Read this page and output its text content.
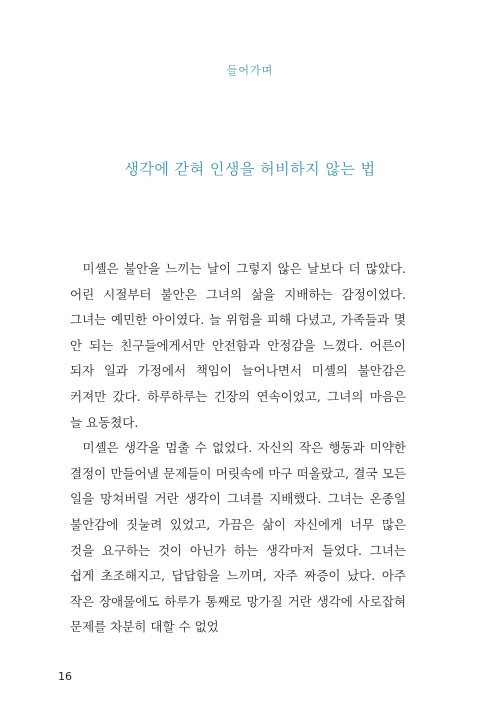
들어가며
생각에 갇혀 인생을 허비하지 않는 법

미셸은 불안을 느끼는 날이 그렇지 않은 날보다 더 많았다. 어린 시절부터 불안은 그녀의 삶을 지배하는 감정이었다. 그녀는 예민한 아이였다. 늘 위험을 피해 다녔고, 가족들과 몇 안 되는 친구들에게서만 안전함과 안정감을 느꼈다. 어른이 되자 일과 가정에서 책임이 늘어나면서 미셸의 불안감은 커져만 갔다. 하루하루는 긴장의 연속이었고, 그녀의 마음은 늘 요동쳤다.

미셸은 생각을 멈출 수 없었다. 자신의 작은 행동과 미약한 결정이 만들어낼 문제들이 머릿속에 마구 떠올랐고, 결국 모든 일을 망쳐버릴 거란 생각이 그녀를 지배했다. 그녀는 온종일 불안감에 짓눌려 있었고, 가끔은 삶이 자신에게 너무 많은 것을 요구하는 것이 아닌가 하는 생각마저 들었다. 그녀는 쉽게 초조해지고, 답답함을 느끼며, 자주 짜증이 났다. 아주 작은 장애물에도 하루가 통째로 망가질 거란 생각에 사로잡혀 문제를 차분히 대할 수 없었

16
